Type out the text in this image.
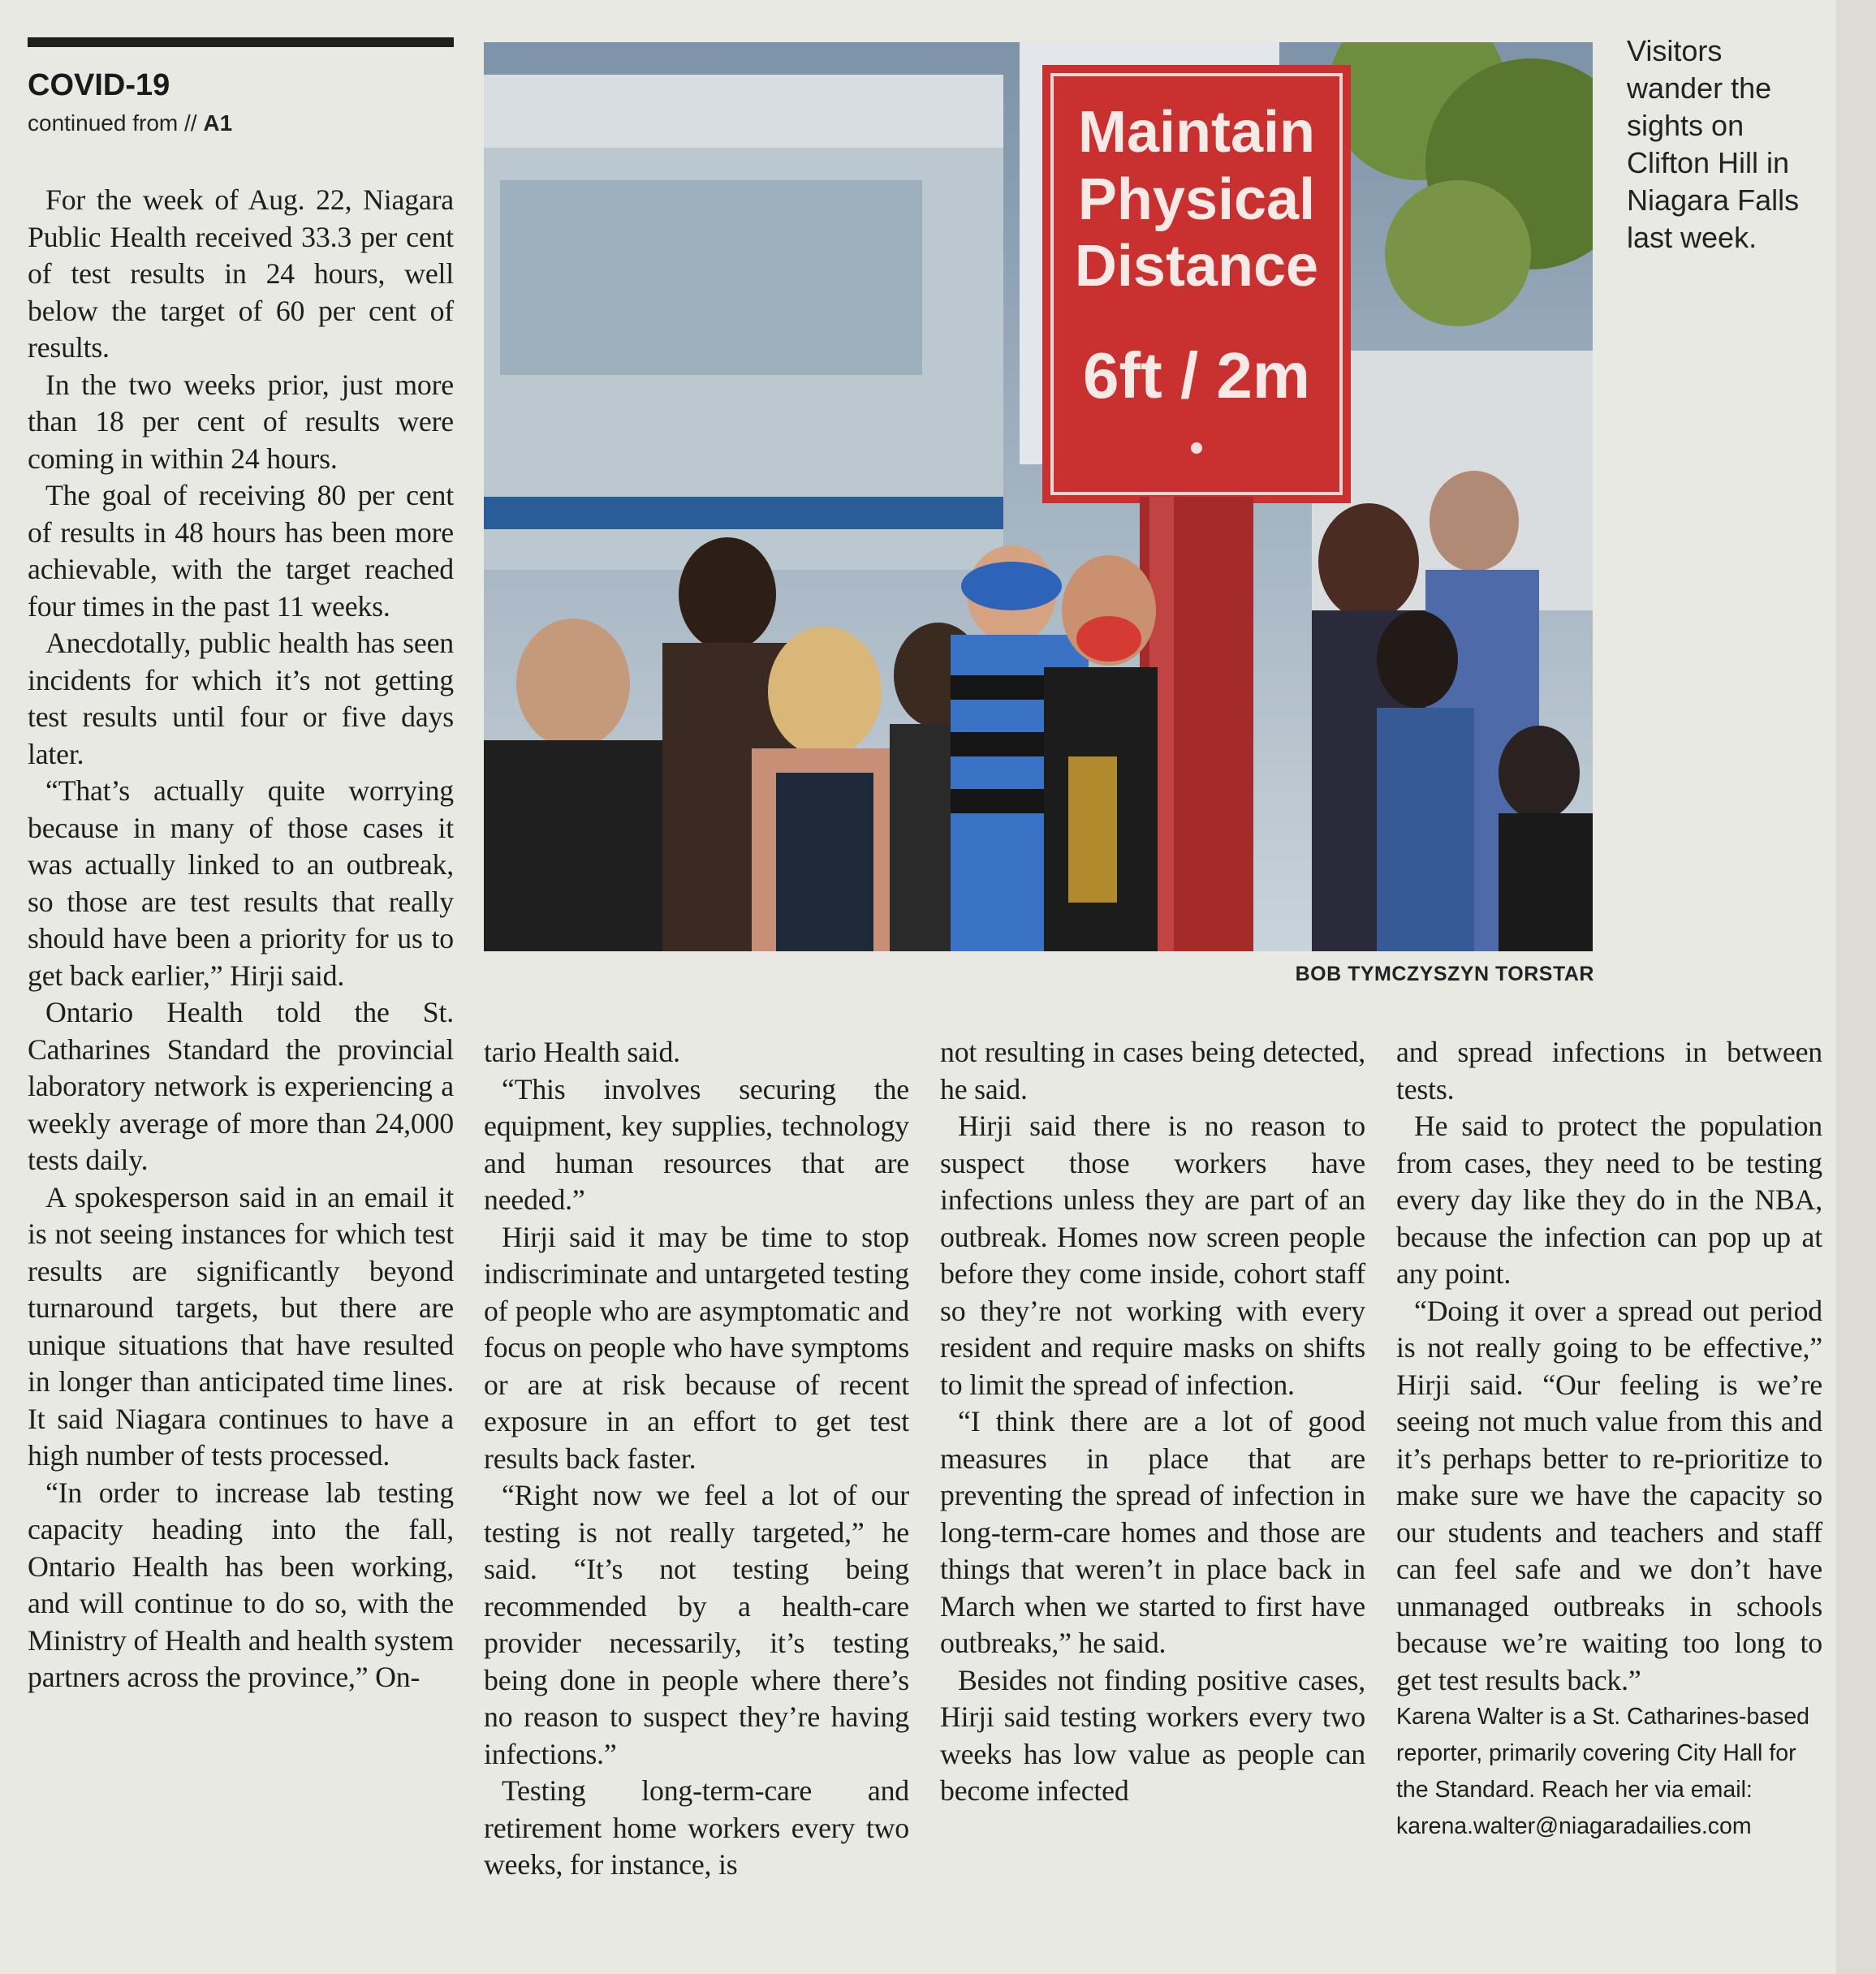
COVID-19
continued from // A1	Maintain
Physical
Distance
6ft / 2m
Visitors wander the sights on Clifton Hill in Niagara Falls last week.
BOB TYMCZYSZYN TORSTAR

For the week of Aug. 22, Niagara Public Health received 33.3 per cent of test results in 24 hours, well below the target of 60 per cent of results.

In the two weeks prior, just more than 18 per cent of results were coming in within 24 hours.

The goal of receiving 80 per cent of results in 48 hours has been more achievable, with the target reached four times in the past 11 weeks.

Anecdotally, public health has seen incidents for which it’s not getting test results until four or five days later.

“That’s actually quite worrying because in many of those cases it was actually linked to an outbreak, so those are test results that really should have been a priority for us to get back earlier,” Hirji said.

Ontario Health told the St. Catharines Standard the provincial laboratory network is experiencing a weekly average of more than 24,000 tests daily.

A spokesperson said in an email it is not seeing instances for which test results are significantly beyond turnaround targets, but there are unique situations that have resulted in longer than anticipated time lines. It said Niagara continues to have a high number of tests processed.

“In order to increase lab testing capacity heading into the fall, Ontario Health has been working, and will continue to do so, with the Ministry of Health and health system partners across the province,” On-

tario Health said.

“This involves securing the equipment, key supplies, technology and human resources that are needed.”

Hirji said it may be time to stop indiscriminate and untargeted testing of people who are asymptomatic and focus on people who have symptoms or are at risk because of recent exposure in an effort to get test results back faster.

“Right now we feel a lot of our testing is not really targeted,” he said. “It’s not testing being recommended by a health-care provider necessarily, it’s testing being done in people where there’s no reason to suspect they’re having infections.”

Testing long-term-care and retirement home workers every two weeks, for instance, is

not resulting in cases being detected, he said.

Hirji said there is no reason to suspect those workers have infections unless they are part of an outbreak. Homes now screen people before they come inside, cohort staff so they’re not working with every resident and require masks on shifts to limit the spread of infection.

“I think there are a lot of good measures in place that are preventing the spread of infection in long-term-care homes and those are things that weren’t in place back in March when we started to first have outbreaks,” he said.

Besides not finding positive cases, Hirji said testing workers every two weeks has low value as people can become infected

and spread infections in between tests.

He said to protect the population from cases, they need to be testing every day like they do in the NBA, because the infection can pop up at any point.

“Doing it over a spread out period is not really going to be effective,” Hirji said. “Our feeling is we’re seeing not much value from this and it’s perhaps better to re-prioritize to make sure we have the capacity so our students and teachers and staff can feel safe and we don’t have unmanaged outbreaks in schools because we’re waiting too long to get test results back.”

Karena Walter is a St. Catharines-based reporter, primarily covering City Hall for the Standard. Reach her via email: karena.walter@niagaradailies.com
